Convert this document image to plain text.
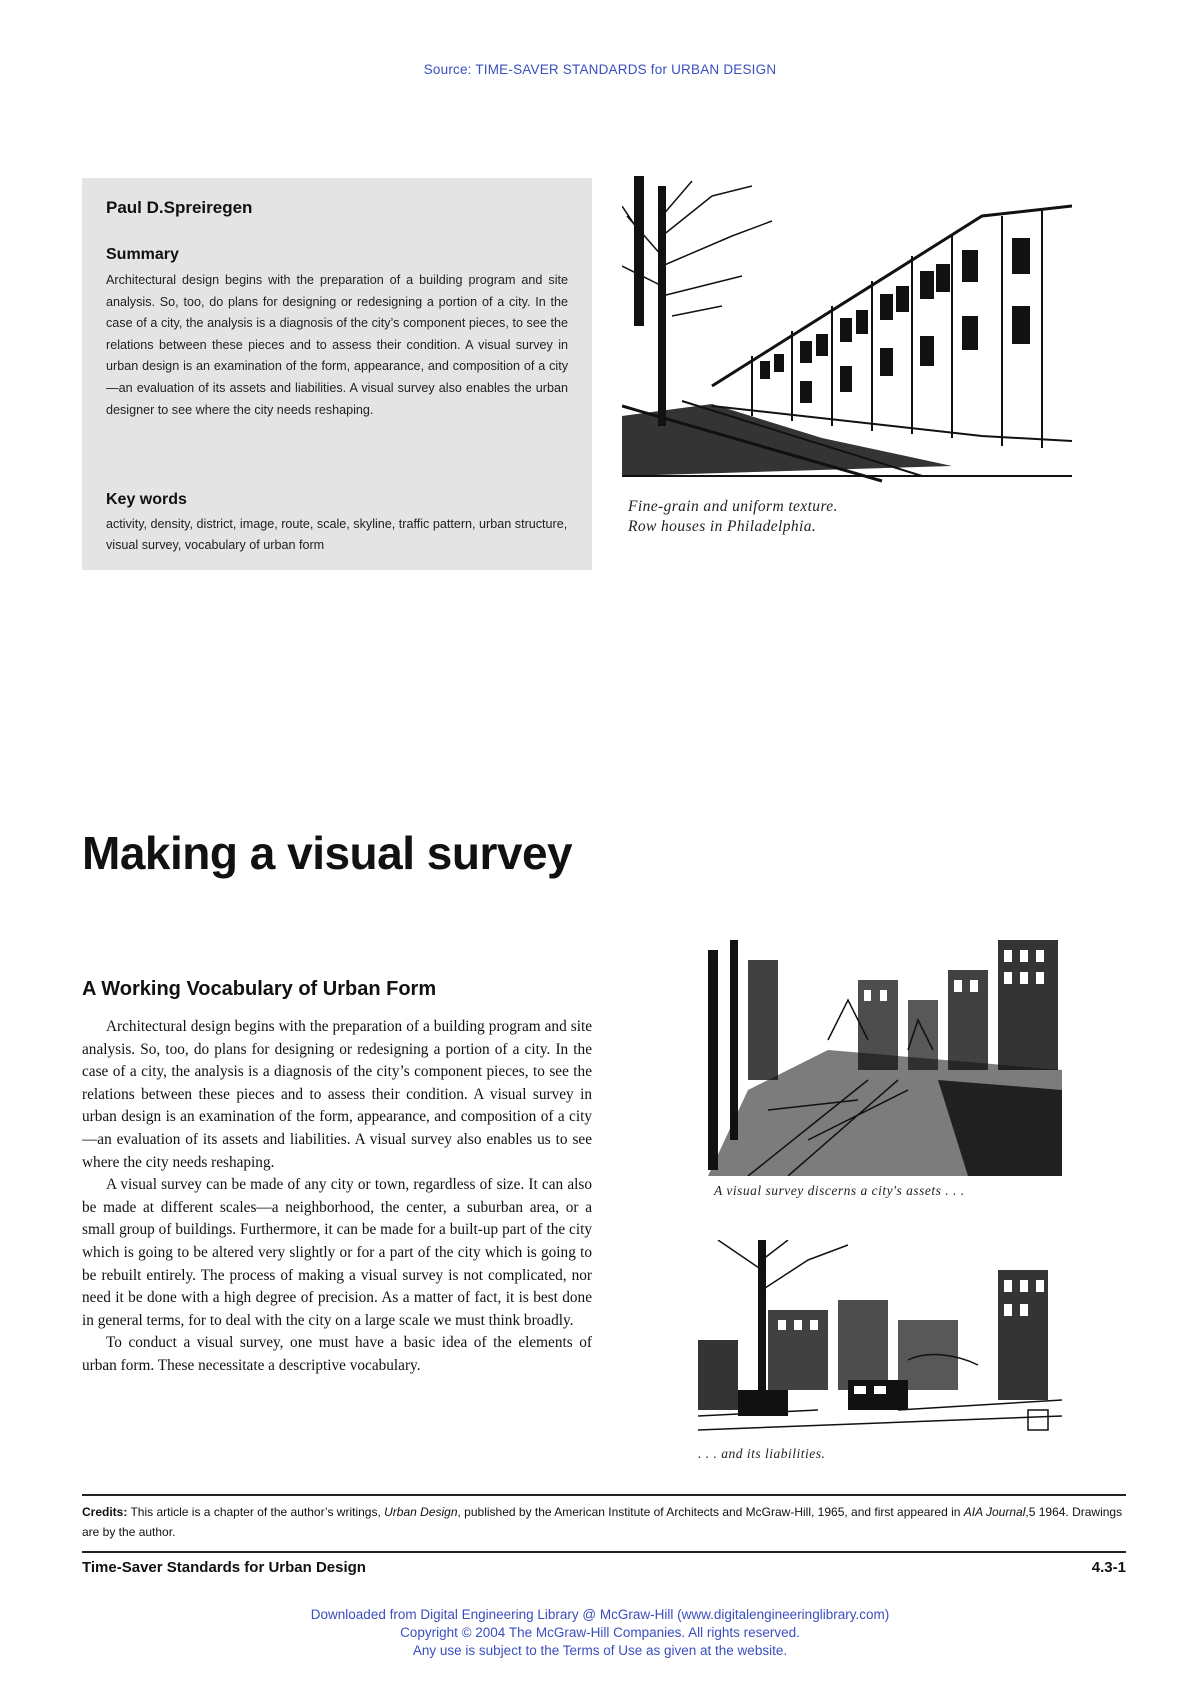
Source: TIME-SAVER STANDARDS for URBAN DESIGN
Paul D.Spreiregen
Summary
Architectural design begins with the preparation of a building program and site analysis. So, too, do plans for designing or redesigning a portion of a city. In the case of a city, the analysis is a diagnosis of the city’s component pieces, to see the relations between these pieces and to assess their condition. A visual survey in urban design is an examination of the form, appearance, and composition of a city—an evaluation of its assets and liabilities. A visual survey also enables the urban designer to see where the city needs reshaping.
Key words
activity, density, district, image, route, scale, skyline, traffic pattern, urban structure, visual survey, vocabulary of urban form
Fine-grain and uniform texture.
Row houses in Philadelphia.
Making a visual survey
A Working Vocabulary of Urban Form

Architectural design begins with the preparation of a building program and site analysis. So, too, do plans for designing or redesigning a portion of a city. In the case of a city, the analysis is a diagnosis of the city’s component pieces, to see the relations between these pieces and to assess their condition. A visual survey in urban design is an examination of the form, appearance, and composition of a city—an evaluation of its assets and liabilities. A visual survey also enables us to see where the city needs reshaping.

A visual survey can be made of any city or town, regardless of size. It can also be made at different scales—a neighborhood, the center, a suburban area, or a small group of buildings. Furthermore, it can be made for a built-up part of the city which is going to be altered very slightly or for a part of the city which is going to be rebuilt entirely. The process of making a visual survey is not complicated, nor need it be done with a high degree of precision. As a matter of fact, it is best done in general terms, for to deal with the city on a large scale we must think broadly.

To conduct a visual survey, one must have a basic idea of the elements of urban form. These necessitate a descriptive vocabulary.

A visual survey discerns a city's assets . . .
. . . and its liabilities.
Credits: This article is a chapter of the author’s writings, Urban Design, published by the American Institute of Architects and McGraw-Hill, 1965, and first appeared in AIA Journal,5 1964. Drawings are by the author.
Time-Saver Standards for Urban Design	4.3-1
Downloaded from Digital Engineering Library @ McGraw-Hill (www.digitalengineeringlibrary.com)
Copyright © 2004 The McGraw-Hill Companies. All rights reserved.
Any use is subject to the Terms of Use as given at the website.
